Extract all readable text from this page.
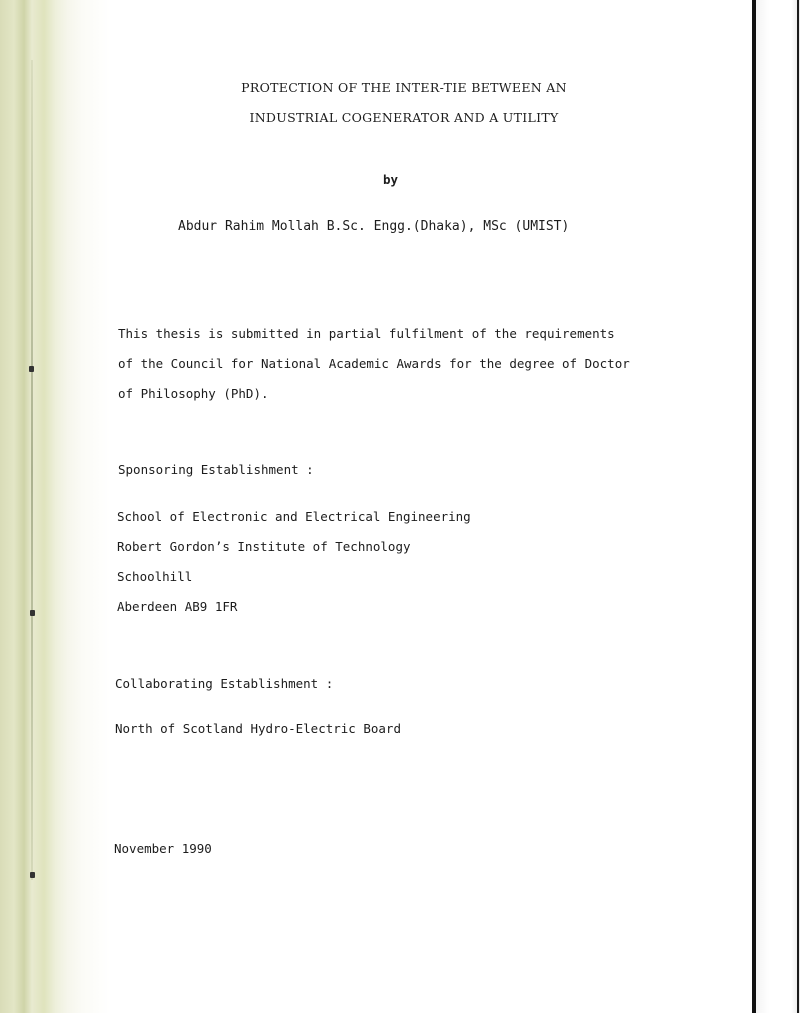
PROTECTION OF THE INTER-TIE BETWEEN AN
INDUSTRIAL COGENERATOR AND A UTILITY
by
Abdur Rahim Mollah B.Sc. Engg.(Dhaka), MSc (UMIST)
This thesis is submitted in partial fulfilment of the requirements
of the Council for National Academic Awards for the degree of Doctor
of Philosophy (PhD).
Sponsoring Establishment :
School of Electronic and Electrical Engineering
Robert Gordon’s Institute of Technology
Schoolhill
Aberdeen AB9 1FR
Collaborating Establishment :
North of Scotland Hydro-Electric Board
November 1990
